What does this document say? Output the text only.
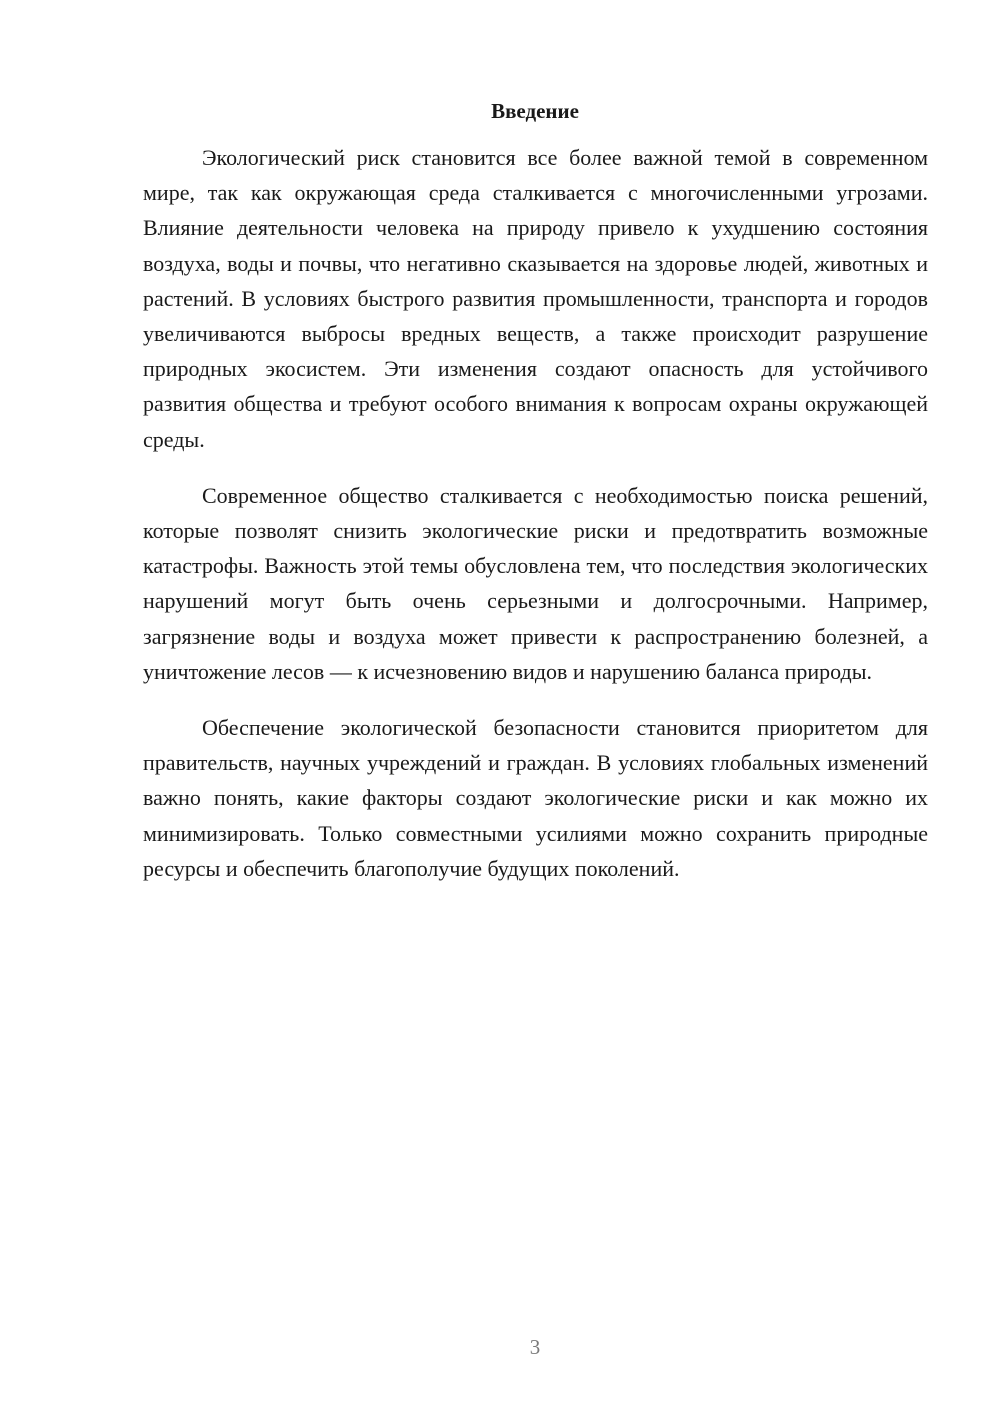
Введение

Экологический риск становится все более важной темой в современном мире, так как окружающая среда сталкивается с многочисленными угрозами. Влияние деятельности человека на природу привело к ухудшению состояния воздуха, воды и почвы, что негативно сказывается на здоровье людей, животных и растений. В условиях быстрого развития промышленности, транспорта и городов увеличиваются выбросы вредных веществ, а также происходит разрушение природных экосистем. Эти изменения создают опасность для устойчивого развития общества и требуют особого внимания к вопросам охраны окружающей среды.

Современное общество сталкивается с необходимостью поиска решений, которые позволят снизить экологические риски и предотвратить возможные катастрофы. Важность этой темы обусловлена тем, что последствия экологических нарушений могут быть очень серьезными и долгосрочными. Например, загрязнение воды и воздуха может привести к распространению болезней, а уничтожение лесов — к исчезновению видов и нарушению баланса природы.

Обеспечение экологической безопасности становится приоритетом для правительств, научных учреждений и граждан. В условиях глобальных изменений важно понять, какие факторы создают экологические риски и как можно их минимизировать. Только совместными усилиями можно сохранить природные ресурсы и обеспечить благополучие будущих поколений.

3
